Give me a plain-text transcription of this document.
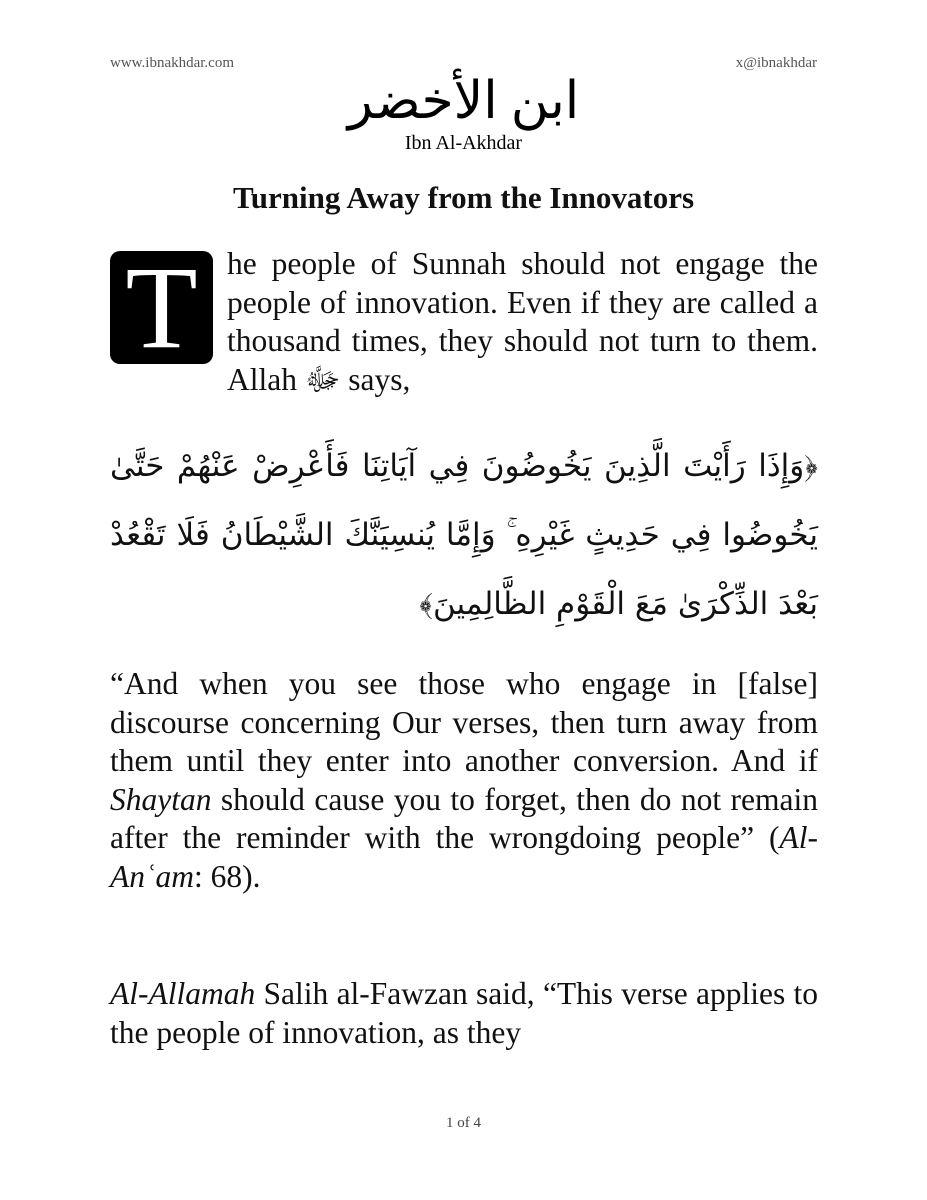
www.ibnakhdar.com	x@ibnakhdar
ابن الأخضر
Ibn Al-Akhdar
Turning Away from the Innovators

T he people of Sunnah should not engage the people of innovation. Even if they are called a thousand times, they should not turn to them. Allah ﷻ says,

﴿وَإِذَا رَأَيْتَ الَّذِينَ يَخُوضُونَ فِي آيَاتِنَا فَأَعْرِضْ عَنْهُمْ حَتَّىٰ يَخُوضُوا فِي حَدِيثٍ غَيْرِهِ ۚ وَإِمَّا يُنسِيَنَّكَ الشَّيْطَانُ فَلَا تَقْعُدْ بَعْدَ الذِّكْرَىٰ مَعَ الْقَوْمِ الظَّالِمِينَ﴾

“And when you see those who engage in [false] discourse concerning Our verses, then turn away from them until they enter into another conversion. And if Shaytan should cause you to forget, then do not remain after the reminder with the wrongdoing people” (Al-Anʿam: 68).

Al-Allamah Salih al-Fawzan said, “This verse applies to the people of innovation, as they

1 of 4
